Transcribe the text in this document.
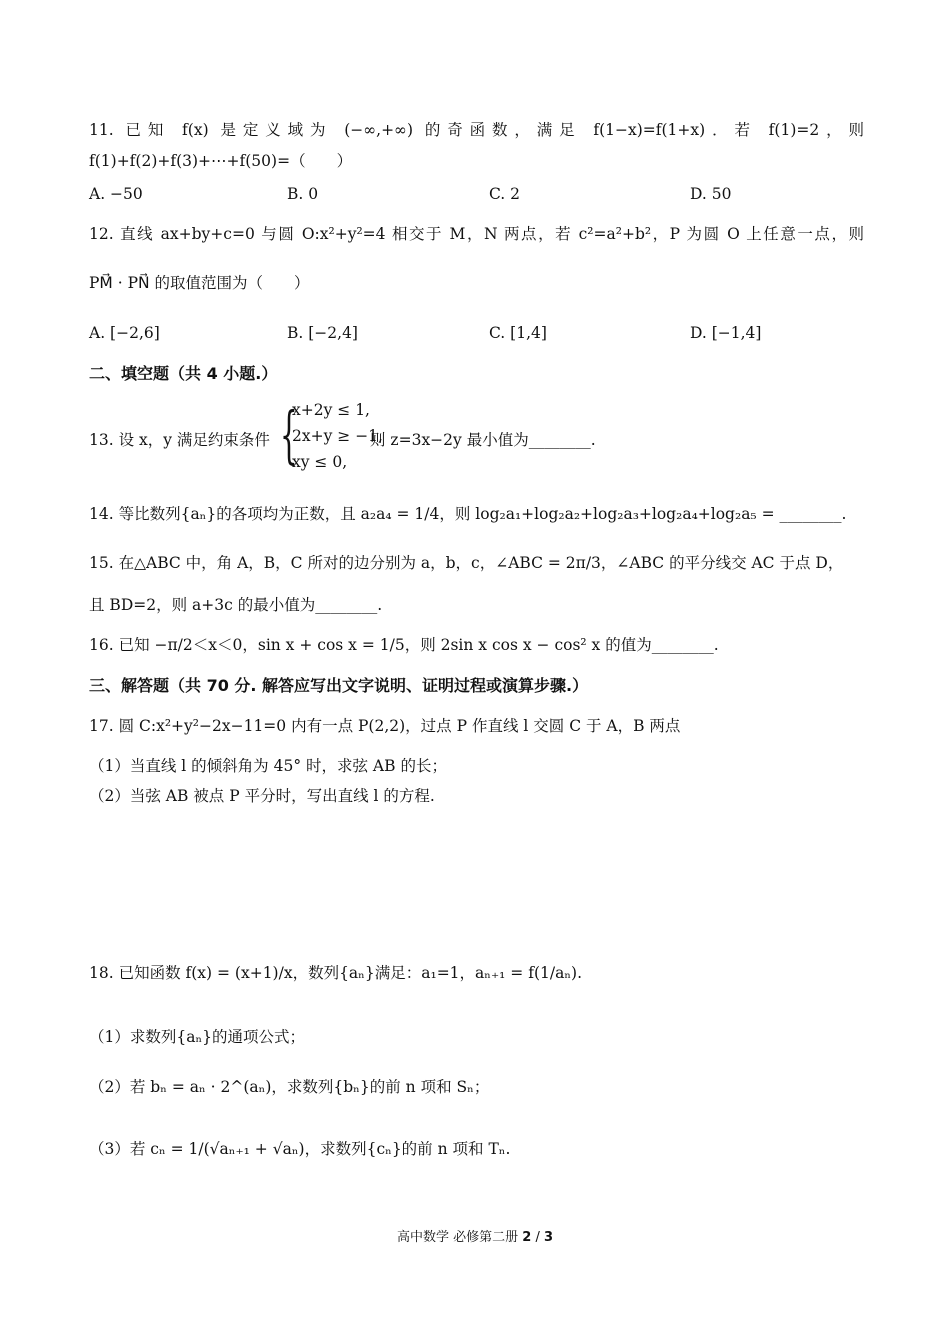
11. 已知 f(x) 是定义域为 (−∞,+∞) 的奇函数，满足 f(1−x)=f(1+x)．若 f(1)=2，则
f(1)+f(2)+f(3)+⋯+f(50)=（　　）
A. −50	B. 0	C. 2	D. 50
12. 直线 ax+by+c=0 与圆 O:x²+y²=4 相交于 M，N 两点，若 c²=a²+b²，P 为圆 O 上任意一点，则
PM⃗ · PN⃗ 的取值范围为（　　）
A. [−2,6]	B. [−2,4]	C. [1,4]	D. [−1,4]
二、填空题（共 4 小题.）
13. 设 x，y 满足约束条件 {
x+2y ≤ 1,
2x+y ≥ −1,
xy ≤ 0,
则 z=3x−2y 最小值为________.
14. 等比数列{aₙ}的各项均为正数，且 a₂a₄ = 1/4，则 log₂a₁+log₂a₂+log₂a₃+log₂a₄+log₂a₅ = ________.
15. 在△ABC 中，角 A，B，C 所对的边分别为 a，b，c，∠ABC = 2π/3，∠ABC 的平分线交 AC 于点 D，
且 BD=2，则 a+3c 的最小值为________.
16. 已知 −π/2＜x＜0，sin x + cos x = 1/5，则 2sin x cos x − cos² x 的值为________.
三、解答题（共 70 分. 解答应写出文字说明、证明过程或演算步骤.）
17. 圆 C:x²+y²−2x−11=0 内有一点 P(2,2)，过点 P 作直线 l 交圆 C 于 A，B 两点
（1）当直线 l 的倾斜角为 45° 时，求弦 AB 的长；
（2）当弦 AB 被点 P 平分时，写出直线 l 的方程.
18. 已知函数 f(x) = (x+1)/x，数列{aₙ}满足：a₁=1，aₙ₊₁ = f(1/aₙ).
（1）求数列{aₙ}的通项公式；
（2）若 bₙ = aₙ · 2^(aₙ)，求数列{bₙ}的前 n 项和 Sₙ；
（3）若 cₙ = 1/(√aₙ₊₁ + √aₙ)，求数列{cₙ}的前 n 项和 Tₙ.
高中数学 必修第二册 2 / 3
